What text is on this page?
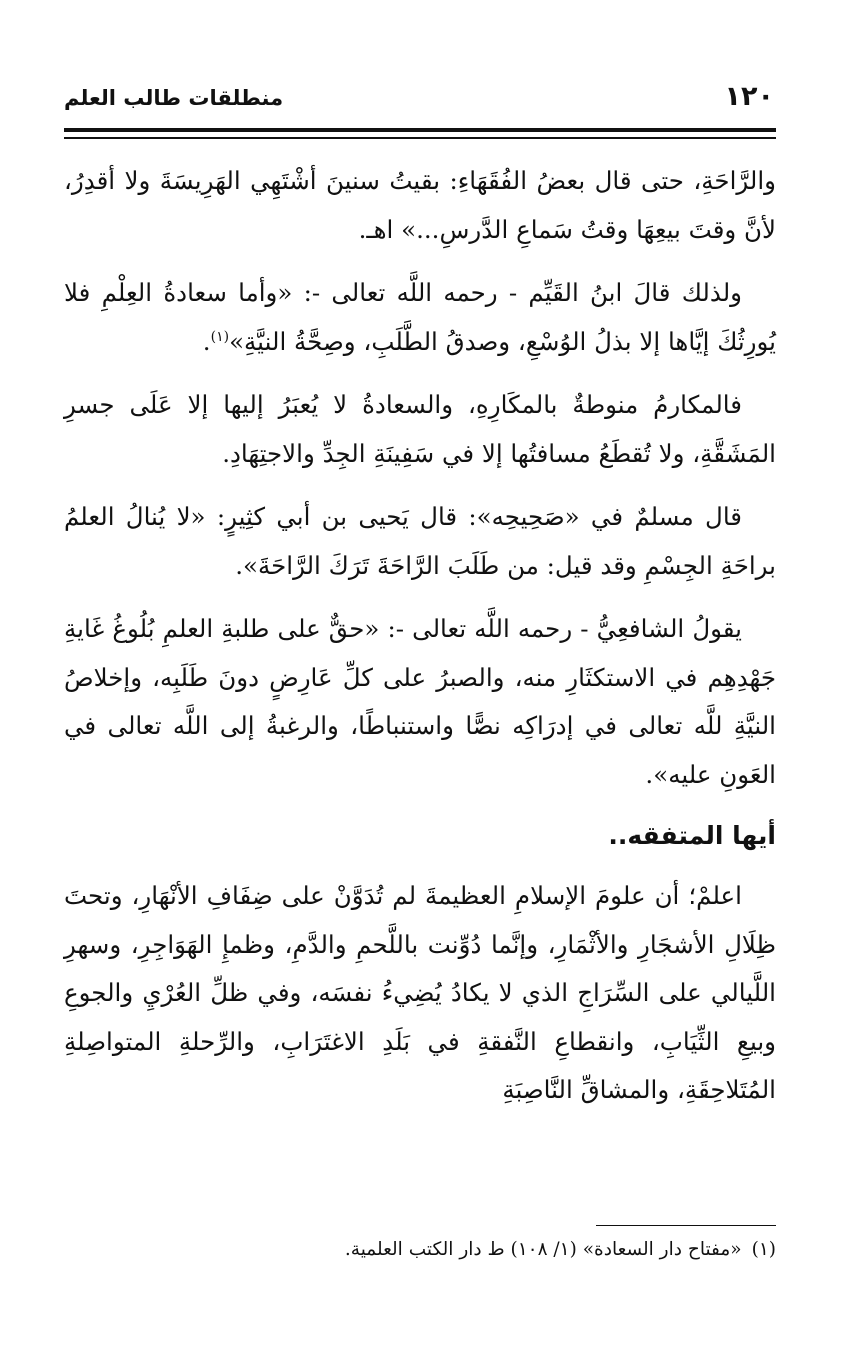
١٢٠
منطلقات طالب العلم

والرَّاحَةِ، حتى قال بعضُ الفُقَهَاءِ: بقيتُ سنينَ أشْتَهِي الهَرِيسَةَ ولا أقدِرُ، لأنَّ وقتَ بيعِهَا وقتُ سَماعِ الدَّرسِ...» اهـ.

ولذلك قالَ ابنُ القَيِّم - رحمه اللَّه تعالى -: «وأما سعادةُ العِلْمِ فلا يُورِثُكَ إيَّاها إلا بذلُ الوُسْعِ، وصدقُ الطَّلَبِ، وصِحَّةُ النيَّةِ»$^{(١)}$.

فالمكارمُ منوطةٌ بالمكَارِهِ، والسعادةُ لا يُعبَرُ إليها إلا عَلَى جسرِ المَشَقَّةِ، ولا تُقطَعُ مسافتُها إلا في سَفِينَةِ الجِدِّ والاجتِهَادِ.

قال مسلمٌ في «صَحِيحِه»: قال يَحيى بن أبي كثِيرٍ: «لا يُنالُ العلمُ براحَةِ الجِسْمِ وقد قيل: من طَلَبَ الرَّاحَةَ تَرَكَ الرَّاحَةَ».

يقولُ الشافعِيُّ - رحمه اللَّه تعالى -: «حقٌّ على طلبةِ العلمِ بُلُوغُ غَايةِ جَهْدِهِم في الاستكثَارِ منه، والصبرُ على كلِّ عَارِضٍ دونَ طَلَبِه، وإخلاصُ النيَّةِ للَّه تعالى في إدرَاكِه نصًّا واستنباطًا، والرغبةُ إلى اللَّه تعالى في العَونِ عليه».

أيها المتفقه..

اعلمْ؛ أن علومَ الإسلامِ العظيمةَ لم تُدَوَّنْ على ضِفَافِ الأنْهَارِ، وتحتَ ظِلَالِ الأشجَارِ والأثْمَارِ، وإنَّما دُوِّنت باللَّحمِ والدَّمِ، وظمإِ الهَوَاجِرِ، وسهرِ اللَّيالي على السِّرَاجِ الذي لا يكادُ يُضِيءُ نفسَه، وفي ظلِّ العُرْيِ والجوعِ وبيعِ الثِّيَابِ، وانقطاعِ النَّفقةِ في بَلَدِ الاغتَرَابِ، والرِّحلةِ المتواصِلةِ المُتَلاحِقَةِ، والمشاقِّ النَّاصِبَةِ

(١)«مفتاح دار السعادة» (١/ ١٠٨) ط دار الكتب العلمية.
